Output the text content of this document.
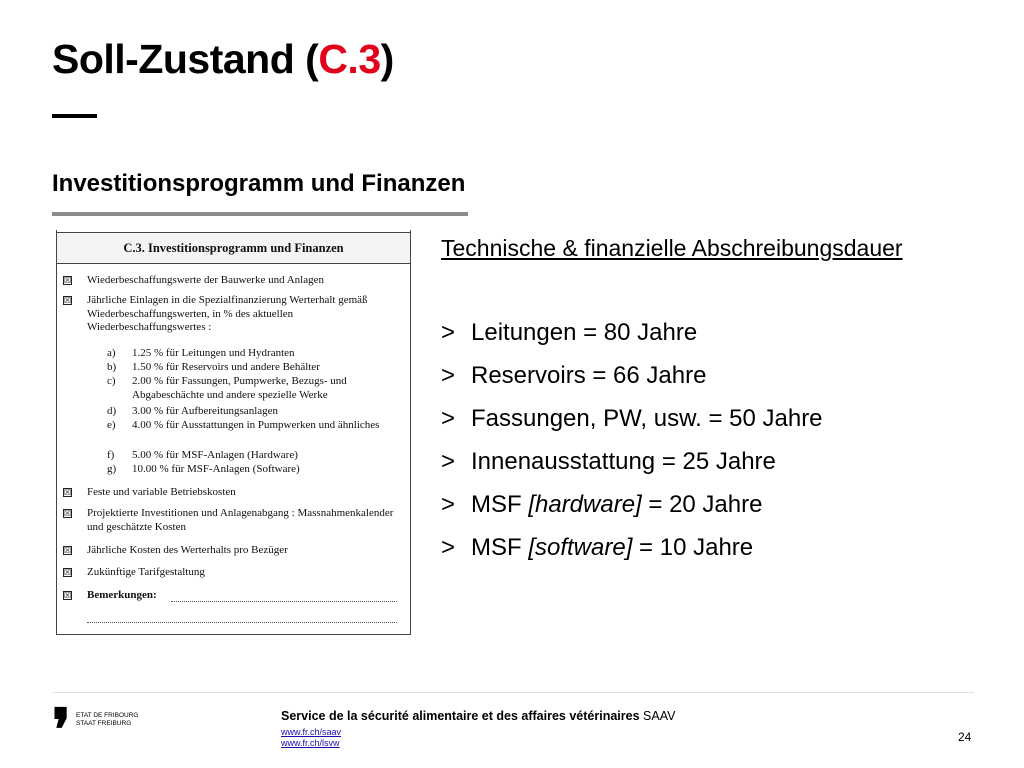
Soll-Zustand (C.3)
Investitionsprogramm und Finanzen
C.3. Investitionsprogramm und Finanzen
☒ Wiederbeschaffungswerte der Bauwerke und Anlagen
☒ Jährliche Einlagen in die Spezialfinanzierung Werterhalt gemäß Wiederbeschaffungswerten, in % des aktuellen Wiederbeschaffungswertes :
a) 1.25 % für Leitungen und Hydranten
b) 1.50 % für Reservoirs und andere Behälter
c) 2.00 % für Fassungen, Pumpwerke, Bezugs- und Abgabeschächte und andere spezielle Werke
d) 3.00 % für Aufbereitungsanlagen
e) 4.00 % für Ausstattungen in Pumpwerken und ähnliches
f) 5.00 % für MSF-Anlagen (Hardware)
g) 10.00 % für MSF-Anlagen (Software)
☒ Feste und variable Betriebskosten
☒ Projektierte Investitionen und Anlagenabgang : Massnahmenkalender und geschätzte Kosten
☒ Jährliche Kosten des Werterhalts pro Bezüger
☒ Zukünftige Tarifgestaltung
☒ Bemerkungen:
Technische & finanzielle Abschreibungsdauer
> Leitungen = 80 Jahre
> Reservoirs = 66 Jahre
> Fassungen, PW, usw. = 50 Jahre
> Innenausstattung = 25 Jahre
> MSF [hardware] = 20 Jahre
> MSF [software] = 10 Jahre
❜ ETAT DE FRIBOURG
STAAT FREIBURG
Service de la sécurité alimentaire et des affaires vétérinaires SAAV
www.fr.ch/saav
www.fr.ch/lsvw	24
